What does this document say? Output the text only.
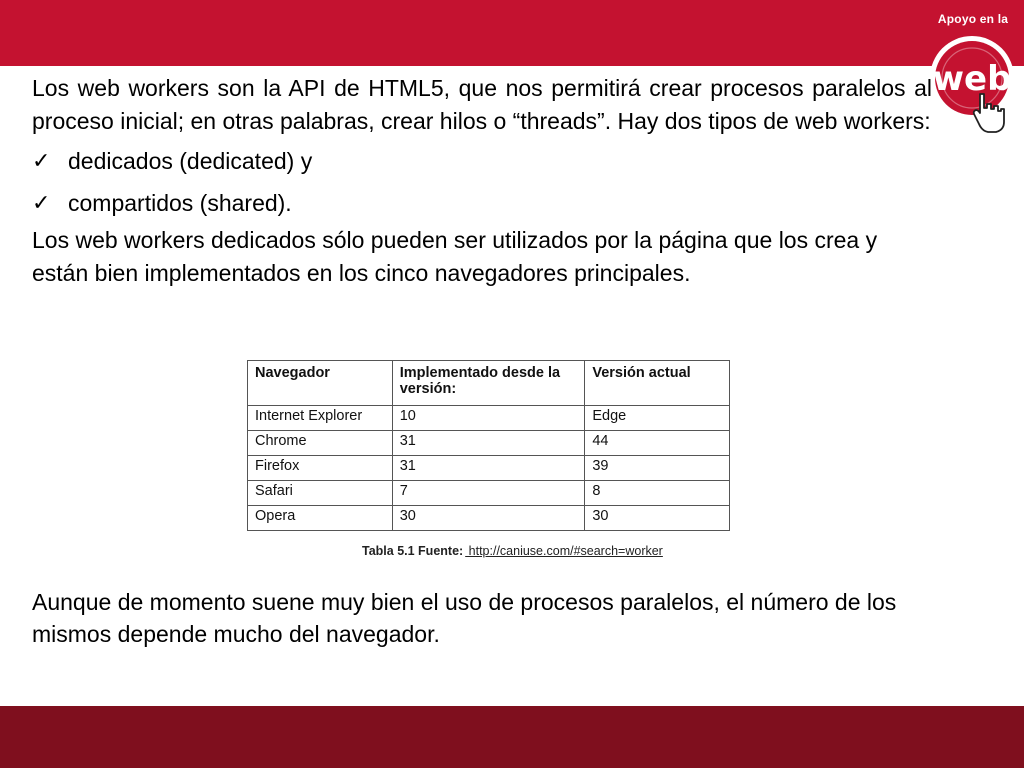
Apoyo en la
web

Los web workers son la API de HTML5, que nos permitirá crear procesos paralelos al proceso inicial; en otras palabras, crear hilos o “threads”. Hay dos tipos de web workers:

✓ dedicados (dedicated) y
✓ compartidos (shared).

Los web workers dedicados sólo pueden ser utilizados por la página que los crea y están bien implementados en los cinco navegadores principales.

Navegador	Implementado desde la versión:	Versión actual
Internet Explorer	10	Edge
Chrome	31	44
Firefox	31	39
Safari	7	8
Opera	30	30
Tabla 5.1 Fuente: http://caniuse.com/#search=worker

Aunque de momento suene muy bien el uso de procesos paralelos, el número de los mismos depende mucho del navegador.
